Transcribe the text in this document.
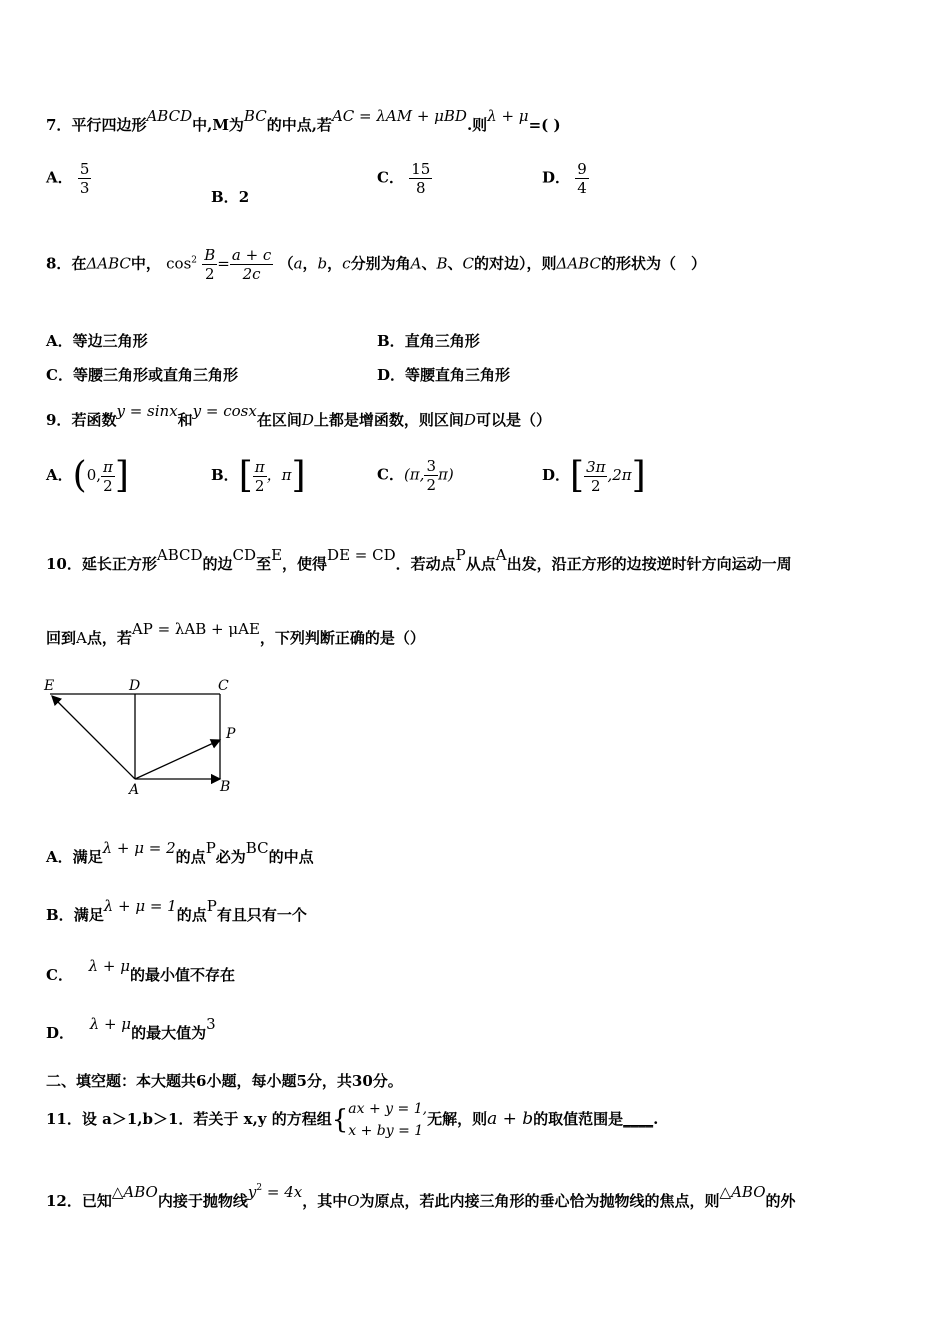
7．平行四边形ABCD中,M为BC的中点,若AC = λAM + μBD.则λ + μ=( )
A． $\frac{5}{3}$	B．2
C． $\frac{15}{8}$	D． $\frac{9}{4}$
8．在ΔABC中， $\cos^2 \frac{B}{2} = \frac{a + c}{2c} (a$，b，c分别为角A、B、C的对边），则ΔABC的形状为（　）
A．等边三角形	B．直角三角形
C．等腰三角形或直角三角形	D．等腰直角三角形
9．若函数y = sinx和y = cosx在区间D上都是增函数，则区间D可以是（）
A．(0, $\frac{\pi}{2}$ ]	B．[ $\frac{\pi}{2}$ ，π]	C．(π, $\frac{3}{2} \pi$)	D．[ $\frac{3\pi}{2} ,2\pi$]
10．延长正方形ABCD的边CD至E，使得DE = CD．若动点P从点A出发，沿正方形的边按逆时针方向运动一周
回到A点，若AP = λAB + μAE，下列判断正确的是（）
E	D	C
P
A	B
A．满足λ + μ = 2的点P必为BC的中点
B．满足λ + μ = 1的点P有且只有一个
C． λ + μ的最小值不存在
D． λ + μ的最大值为3
二、填空题：本大题共6小题，每小题5分，共30分。
11．设 a＞1,b＞1．若关于 x,y 的方程组{ ax + y = 1,
x + by = 1
无解，则a + b的取值范围是____.
12．已知△ABO内接于抛物线$y^2 = 4x$，其中O为原点，若此内接三角形的垂心恰为抛物线的焦点，则△ABO的外
